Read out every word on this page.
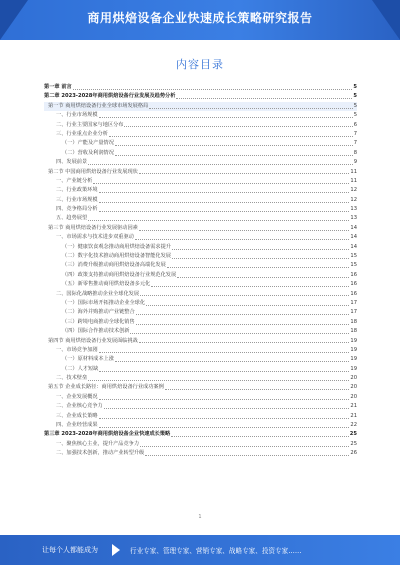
商用烘焙设备企业快速成长策略研究报告
内容目录
第一章 前言	5
第二章 2023-2028年商用烘焙设备行业发展及趋势分析	5
第一节 商用烘焙设备行业全球市场发展格局	5
一、行业市场规模	5
二、行业主要国家与地区分布	6
三、行业重点企业分析	7
（一）产能及产量情况	7
（二）营收及利润情况	8
四、发展前景	9
第二节 中国商用烘焙设备行业发展现状	11
一、产业链分析	11
二、行业政策环境	12
三、行业市场规模	12
四、竞争格局分析	13
五、趋势展望	13
第三节 商用烘焙设备行业发展驱动因素	14
一、市场需求与技术进步双重驱动	14
（一）健康饮食观念推动商用烘焙设备需求提升	14
（二）数字化技术推动商用烘焙设备智能化发展	15
（三）消费升级推动商用烘焙设备高端化发展	15
（四）政策支持推动商用烘焙设备行业规范化发展	16
（五）新零售推动商用烘焙设备多元化	16
二、国际化战略推动企业全球化发展	16
（一）国际市场开拓推动企业全球化	17
（二）海外并购推动产业链整合	17
（三）跨境电商推动全球化销售	18
（四）国际合作推动技术创新	18
第四节 商用烘焙设备行业发展面临挑战	19
一、市场竞争加剧	19
（一）原材料成本上涨	19
（二）人才短缺	19
二、技术壁垒	20
第五节 企业成长路径：商用烘焙设备行业成功案例	20
一、企业发展概况	20
二、企业核心竞争力	21
三、企业成长策略	21
四、企业经营成果	22
第三章 2023-2028年商用烘焙设备企业快速成长策略	25
一、聚焦核心主业，提升产品竞争力	25
二、加强技术创新，推动产业转型升级	26
1
让每个人都能成为	行业专家、管理专家、营销专家、战略专家、投资专家……
